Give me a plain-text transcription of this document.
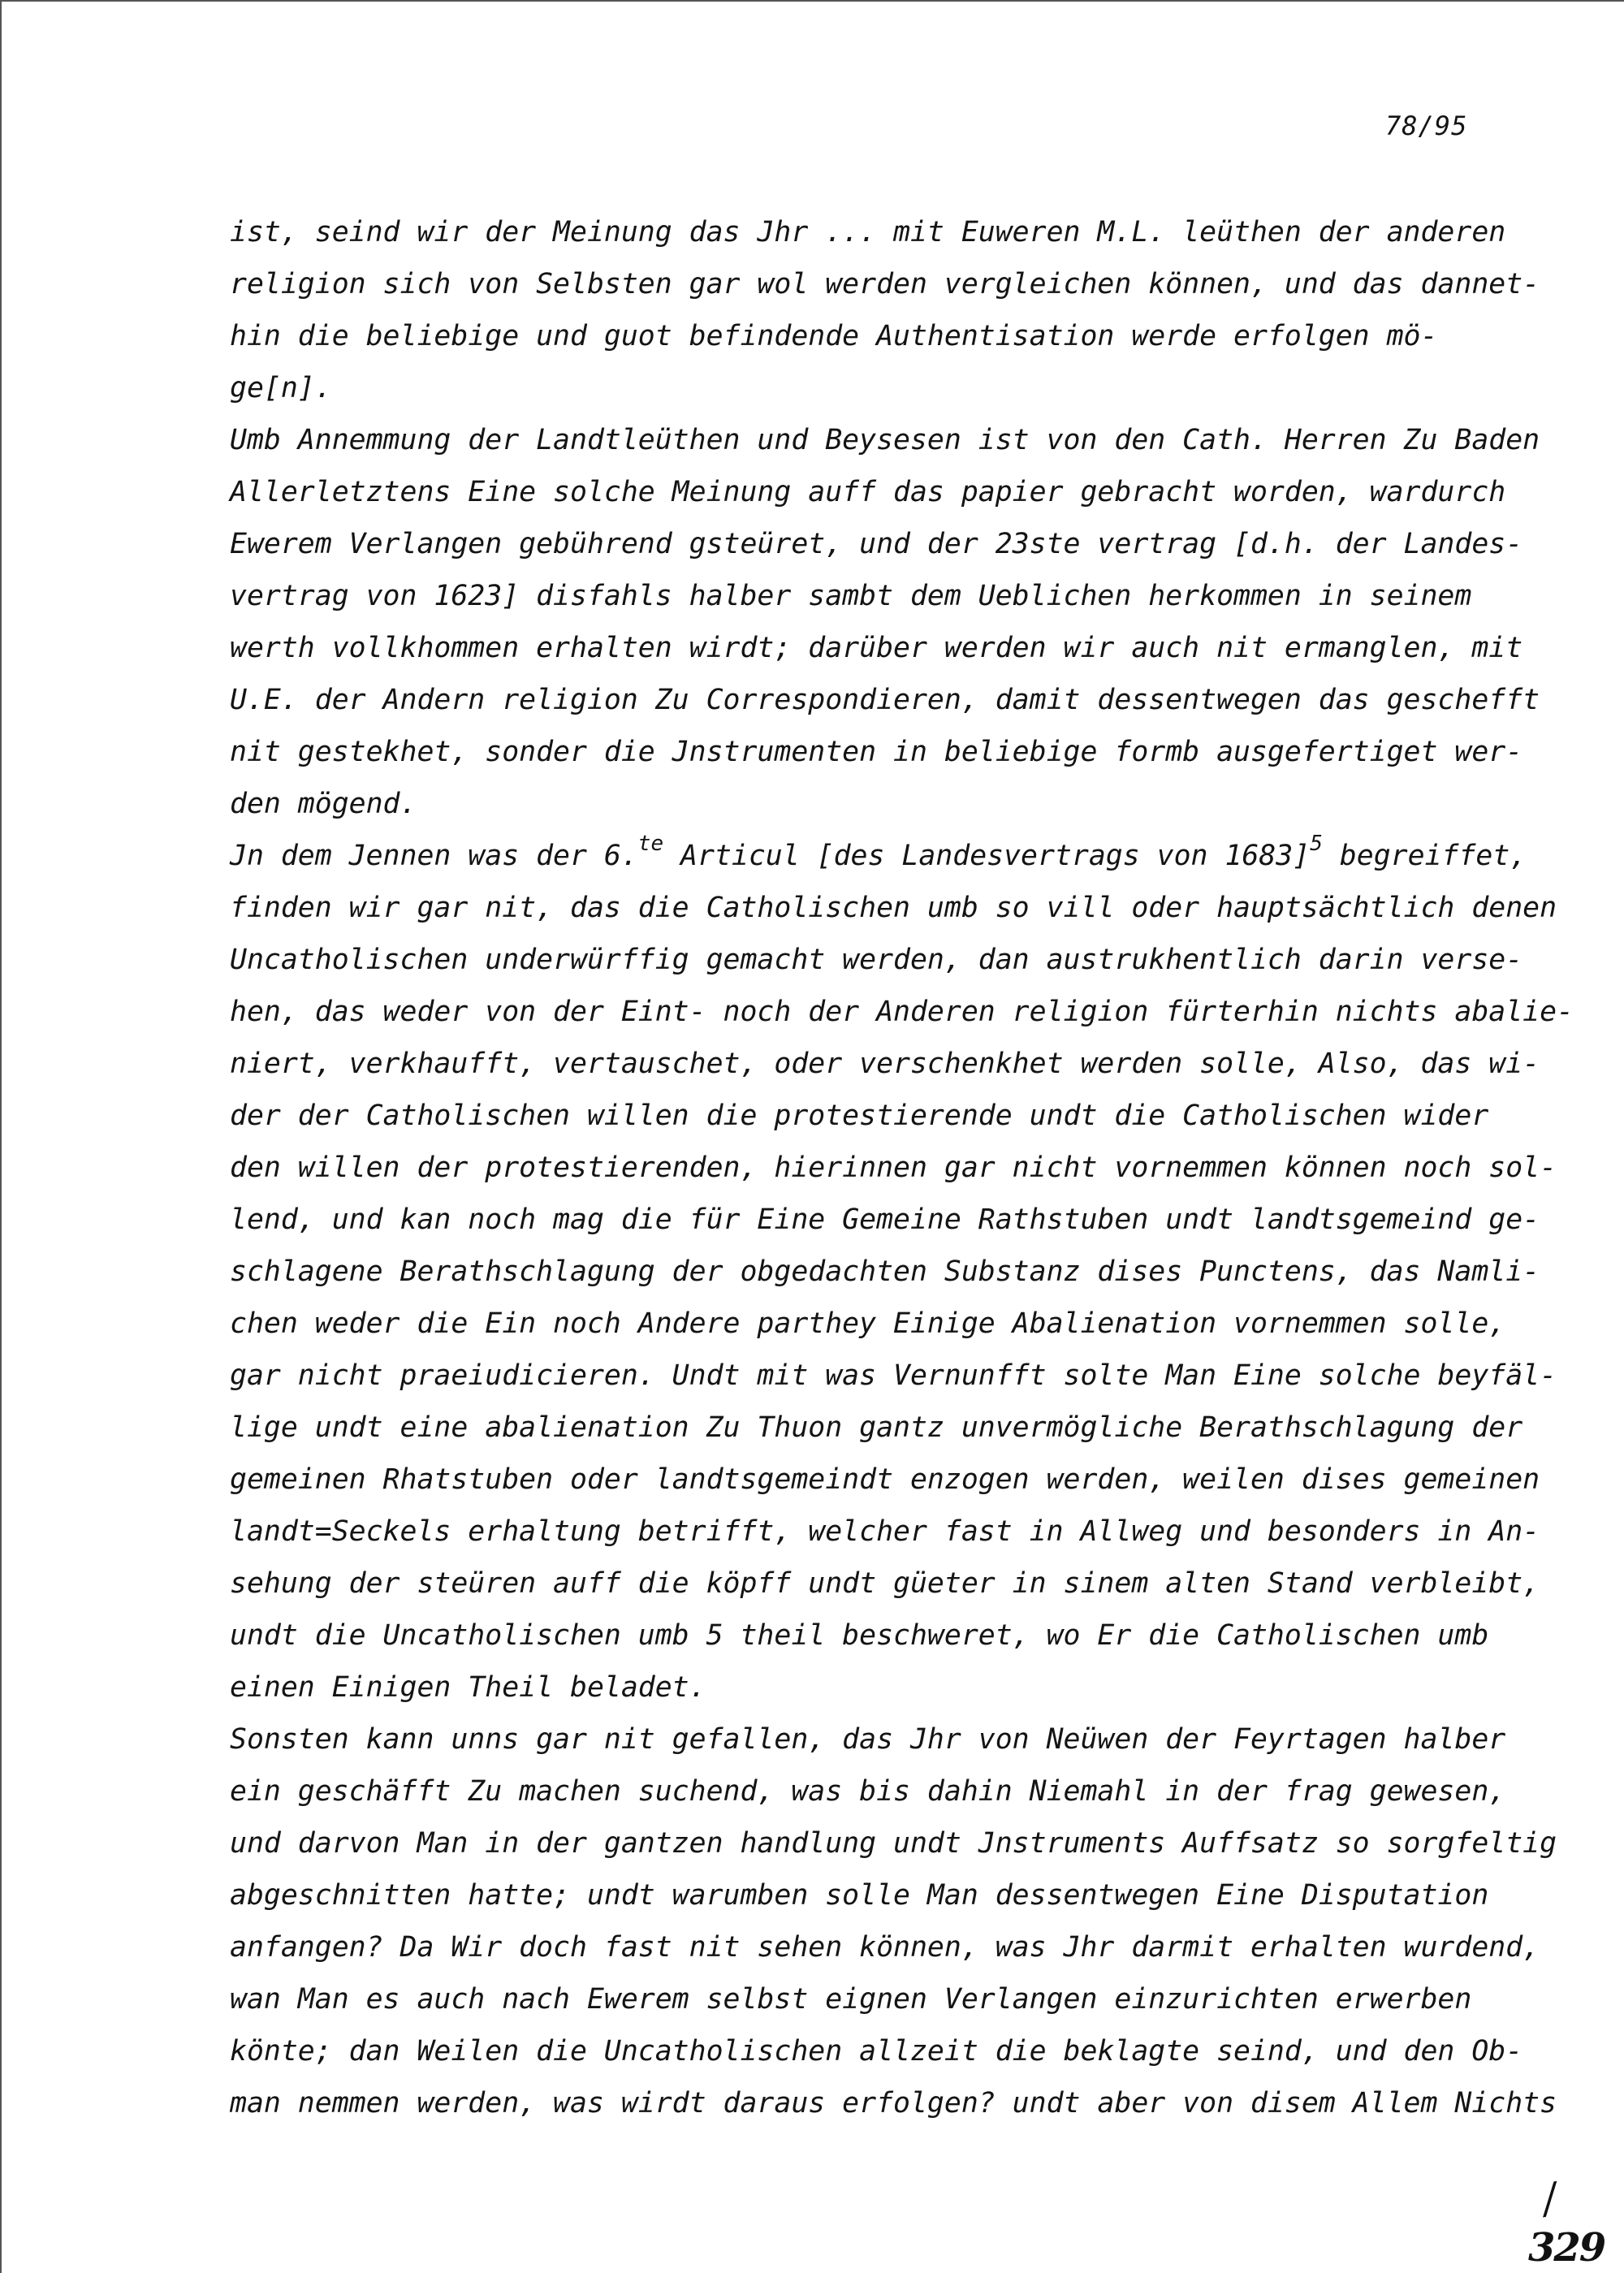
78/95
ist, seind wir der Meinung das Jhr ... mit Euweren M.L. leüthen der anderen
religion sich von Selbsten gar wol werden vergleichen können, und das dannet-
hin die beliebige und guot befindende Authentisation werde erfolgen mö-
ge[n].
Umb Annemmung der Landtleüthen und Beysesen ist von den Cath. Herren Zu Baden
Allerletztens Eine solche Meinung auff das papier gebracht worden, wardurch
Ewerem Verlangen gebührend gsteüret, und der 23ste vertrag [d.h. der Landes-
vertrag von 1623] disfahls halber sambt dem Ueblichen herkommen in seinem
werth vollkhommen erhalten wirdt; darüber werden wir auch nit ermanglen, mit
U.E. der Andern religion Zu Correspondieren, damit dessentwegen das geschefft
nit gestekhet, sonder die Jnstrumenten in beliebige formb ausgefertiget wer-
den mögend.
Jn dem Jennen was der 6.$^{te}$ Articul [des Landesvertrags von 1683]$^5$ begreiffet,
finden wir gar nit, das die Catholischen umb so vill oder hauptsächtlich denen
Uncatholischen underwürffig gemacht werden, dan austrukhentlich darin verse-
hen, das weder von der Eint- noch der Anderen religion fürterhin nichts abalie-
niert, verkhaufft, vertauschet, oder verschenkhet werden solle, Also, das wi-
der der Catholischen willen die protestierende undt die Catholischen wider
den willen der protestierenden, hierinnen gar nicht vornemmen können noch sol-
lend, und kan noch mag die für Eine Gemeine Rathstuben undt landtsgemeind ge-
schlagene Berathschlagung der obgedachten Substanz dises Punctens, das Namli-
chen weder die Ein noch Andere parthey Einige Abalienation vornemmen solle,
gar nicht praeiudicieren. Undt mit was Vernunfft solte Man Eine solche beyfäl-
lige undt eine abalienation Zu Thuon gantz unvermögliche Berathschlagung der
gemeinen Rhatstuben oder landtsgemeindt enzogen werden, weilen dises gemeinen
landt=Seckels erhaltung betrifft, welcher fast in Allweg und besonders in An-
sehung der steüren auff die köpff undt güeter in sinem alten Stand verbleibt,
undt die Uncatholischen umb 5 theil beschweret, wo Er die Catholischen umb
einen Einigen Theil beladet.
Sonsten kann unns gar nit gefallen, das Jhr von Neüwen der Feyrtagen halber
ein geschäfft Zu machen suchend, was bis dahin Niemahl in der frag gewesen,
und darvon Man in der gantzen handlung undt Jnstruments Auffsatz so sorgfeltig
abgeschnitten hatte; undt warumben solle Man dessentwegen Eine Disputation
anfangen? Da Wir doch fast nit sehen können, was Jhr darmit erhalten wurdend,
wan Man es auch nach Ewerem selbst eignen Verlangen einzurichten erwerben
könte; dan Weilen die Uncatholischen allzeit die beklagte seind, und den Ob-
man nemmen werden, was wirdt daraus erfolgen? undt aber von disem Allem Nichts
/
329
